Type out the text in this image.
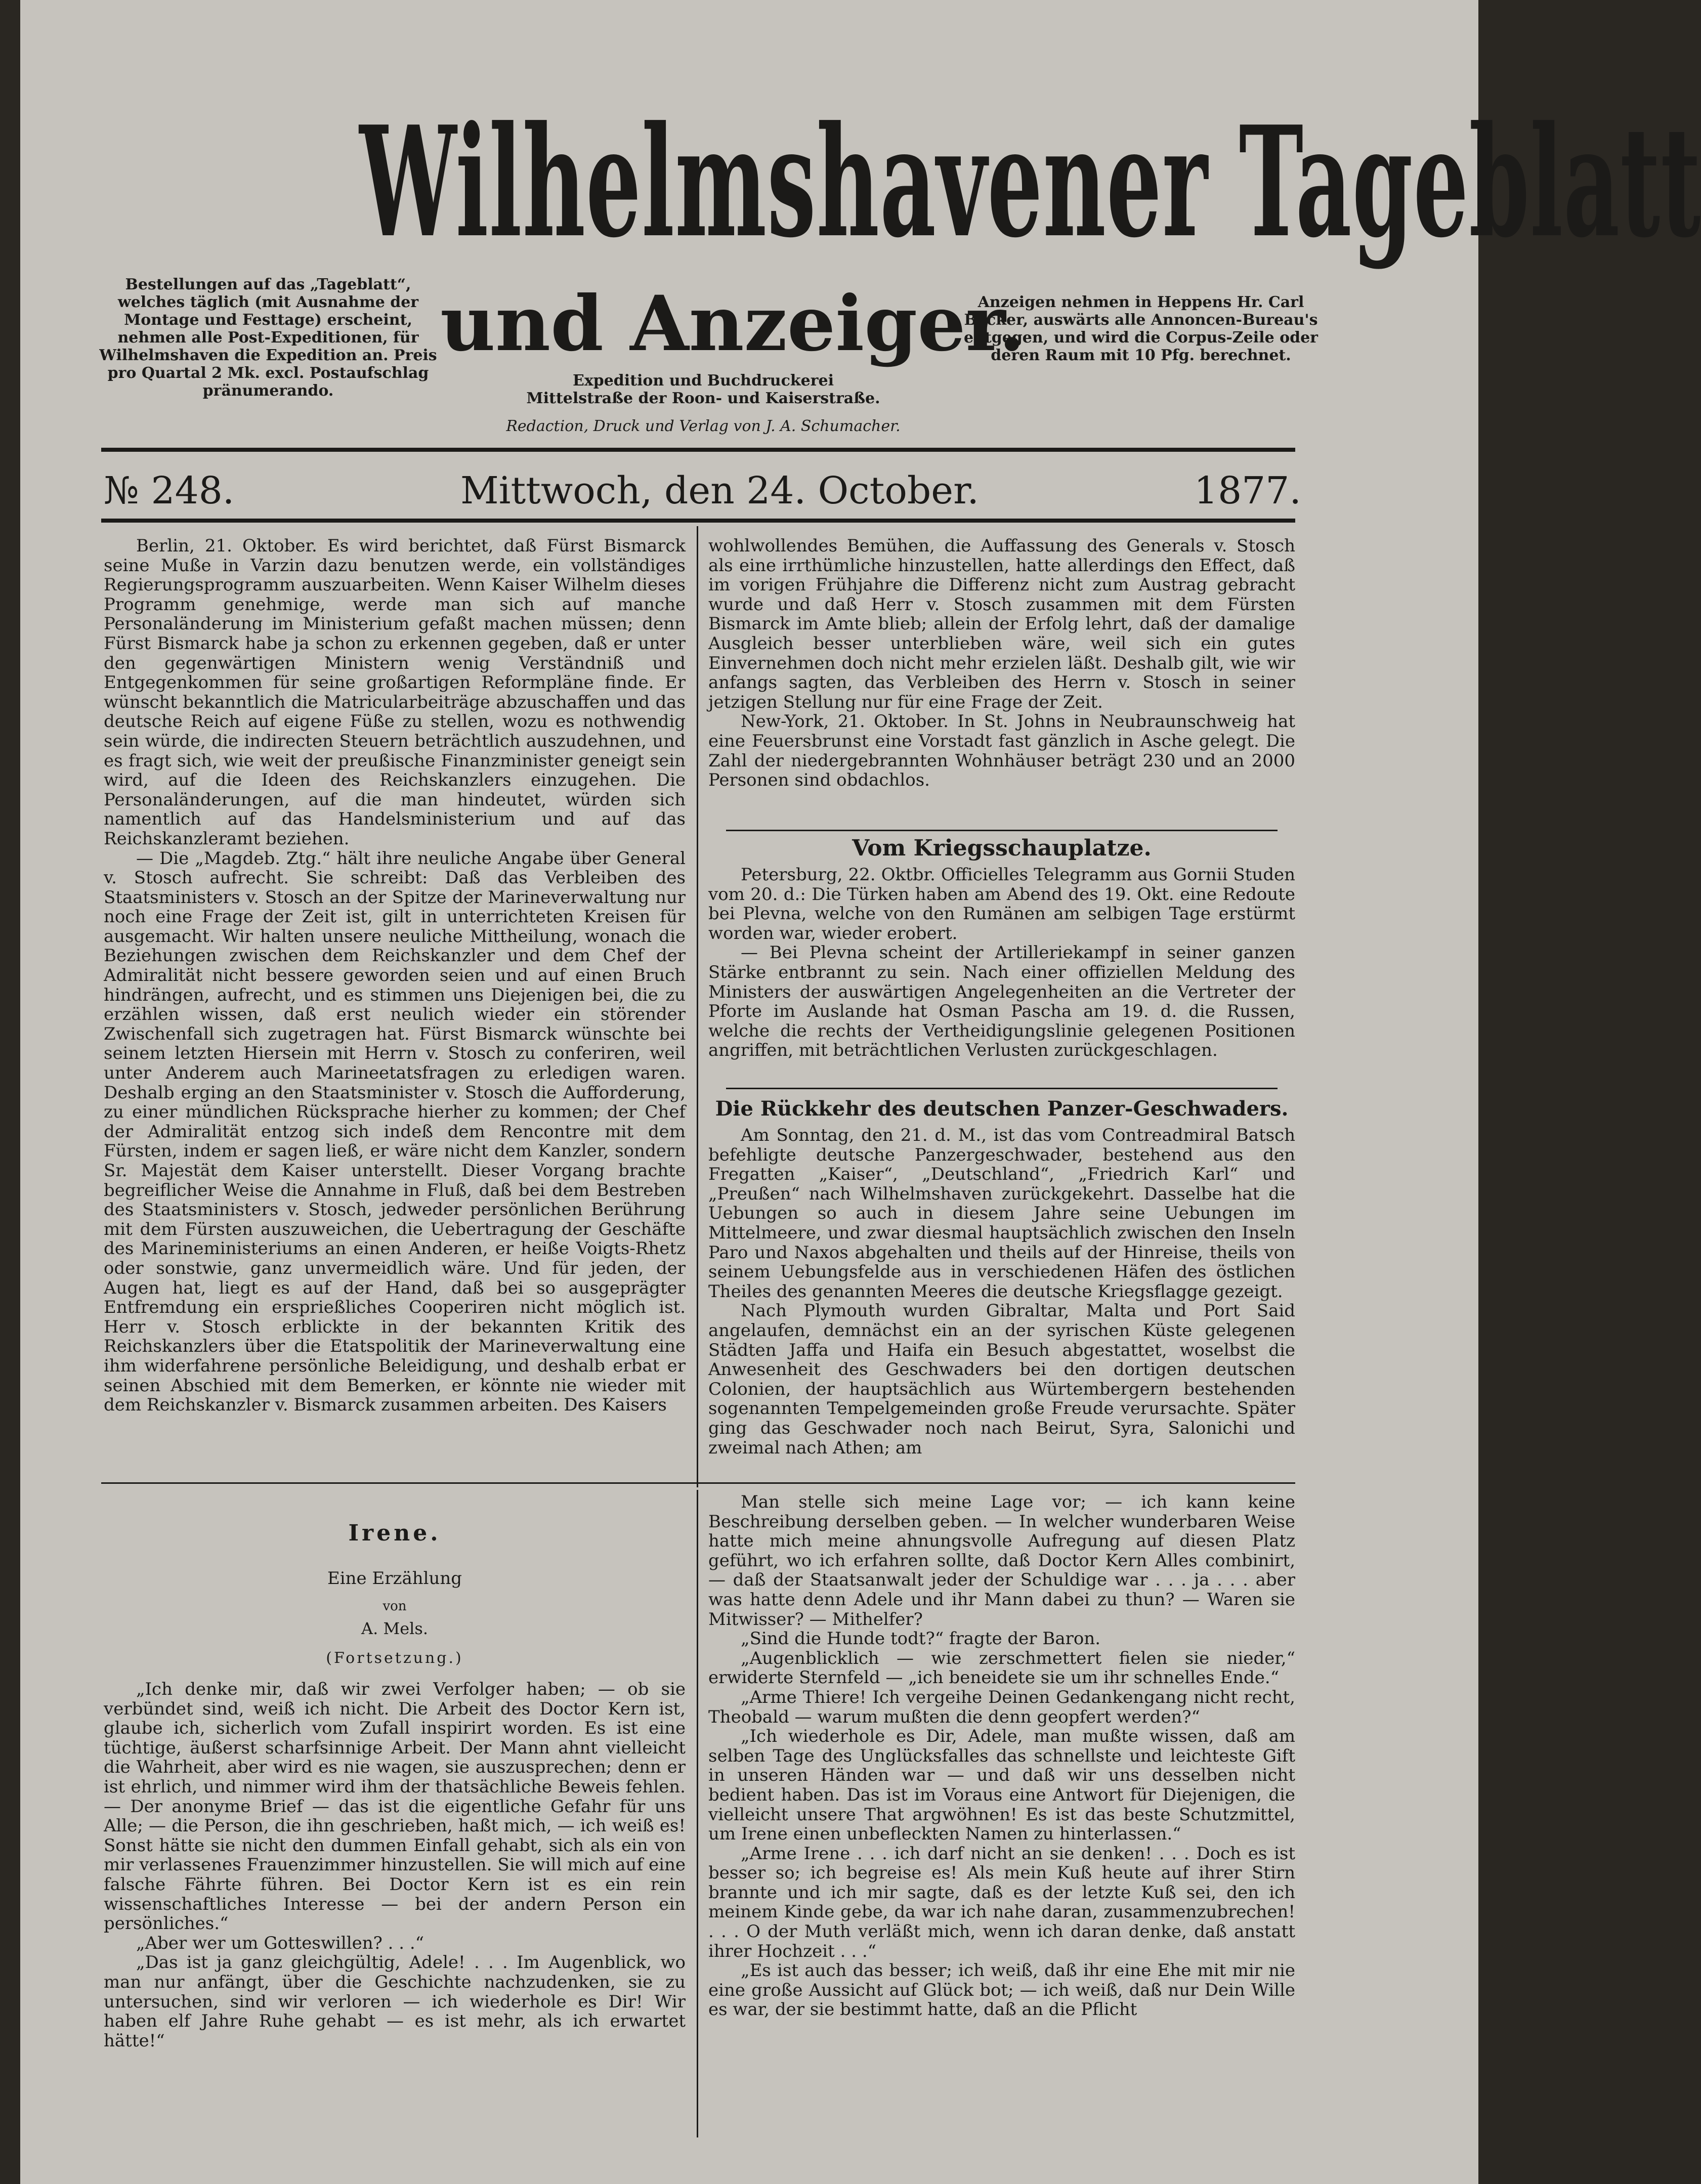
Wilhelmshavener Tageblatt
Bestellungen auf das „Tageblatt“, welches täglich (mit Ausnahme der Montage und Festtage) erscheint, nehmen alle Post-Expeditionen, für Wilhelmshaven die Expedition an. Preis pro Quartal 2 Mk. excl. Postaufschlag pränumerando.
und Anzeiger.
Expedition und Buchdruckerei Mittelstraße der Roon- und Kaiserstraße.
Redaction, Druck und Verlag von J. A. Schumacher.
Anzeigen nehmen in Heppens Hr. Carl Becker, auswärts alle Annoncen-Bureau's entgegen, und wird die Corpus-Zeile oder deren Raum mit 10 Pfg. berechnet.
№ 248.	Mittwoch, den 24. October.	1877.

Berlin, 21. Oktober. Es wird berichtet, daß Fürst Bismarck seine Muße in Varzin dazu benutzen werde, ein vollständiges Regierungsprogramm auszuarbeiten. Wenn Kaiser Wilhelm dieses Programm genehmige, werde man sich auf manche Personaländerung im Ministerium gefaßt machen müssen; denn Fürst Bismarck habe ja schon zu erkennen gegeben, daß er unter den gegenwärtigen Ministern wenig Verständniß und Entgegenkommen für seine großartigen Reformpläne finde. Er wünscht bekanntlich die Matricularbeiträge abzuschaffen und das deutsche Reich auf eigene Füße zu stellen, wozu es nothwendig sein würde, die indirecten Steuern beträchtlich auszudehnen, und es fragt sich, wie weit der preußische Finanzminister geneigt sein wird, auf die Ideen des Reichskanzlers einzugehen. Die Personaländerungen, auf die man hindeutet, würden sich namentlich auf das Handelsministerium und auf das Reichskanzleramt beziehen.

— Die „Magdeb. Ztg.“ hält ihre neuliche Angabe über General v. Stosch aufrecht. Sie schreibt: Daß das Verbleiben des Staatsministers v. Stosch an der Spitze der Marineverwaltung nur noch eine Frage der Zeit ist, gilt in unterrichteten Kreisen für ausgemacht. Wir halten unsere neuliche Mittheilung, wonach die Beziehungen zwischen dem Reichskanzler und dem Chef der Admiralität nicht bessere geworden seien und auf einen Bruch hindrängen, aufrecht, und es stimmen uns Diejenigen bei, die zu erzählen wissen, daß erst neulich wieder ein störender Zwischenfall sich zugetragen hat. Fürst Bismarck wünschte bei seinem letzten Hiersein mit Herrn v. Stosch zu conferiren, weil unter Anderem auch Marineetatsfragen zu erledigen waren. Deshalb erging an den Staatsminister v. Stosch die Aufforderung, zu einer mündlichen Rücksprache hierher zu kommen; der Chef der Admiralität entzog sich indeß dem Rencontre mit dem Fürsten, indem er sagen ließ, er wäre nicht dem Kanzler, sondern Sr. Majestät dem Kaiser unterstellt. Dieser Vorgang brachte begreiflicher Weise die Annahme in Fluß, daß bei dem Bestreben des Staatsministers v. Stosch, jedweder persönlichen Berührung mit dem Fürsten auszuweichen, die Uebertragung der Geschäfte des Marineministeriums an einen Anderen, er heiße Voigts-Rhetz oder sonstwie, ganz unvermeidlich wäre. Und für jeden, der Augen hat, liegt es auf der Hand, daß bei so ausgeprägter Entfremdung ein ersprießliches Cooperiren nicht möglich ist. Herr v. Stosch erblickte in der bekannten Kritik des Reichskanzlers über die Etatspolitik der Marineverwaltung eine ihm widerfahrene persönliche Beleidigung, und deshalb erbat er seinen Abschied mit dem Bemerken, er könnte nie wieder mit dem Reichskanzler v. Bismarck zusammen arbeiten. Des Kaisers

wohlwollendes Bemühen, die Auffassung des Generals v. Stosch als eine irrthümliche hinzustellen, hatte allerdings den Effect, daß im vorigen Frühjahre die Differenz nicht zum Austrag gebracht wurde und daß Herr v. Stosch zusammen mit dem Fürsten Bismarck im Amte blieb; allein der Erfolg lehrt, daß der damalige Ausgleich besser unterblieben wäre, weil sich ein gutes Einvernehmen doch nicht mehr erzielen läßt. Deshalb gilt, wie wir anfangs sagten, das Verbleiben des Herrn v. Stosch in seiner jetzigen Stellung nur für eine Frage der Zeit.

New-York, 21. Oktober. In St. Johns in Neubraunschweig hat eine Feuersbrunst eine Vorstadt fast gänzlich in Asche gelegt. Die Zahl der niedergebrannten Wohnhäuser beträgt 230 und an 2000 Personen sind obdachlos.

Vom Kriegsschauplatze.

Petersburg, 22. Oktbr. Officielles Telegramm aus Gornii Studen vom 20. d.: Die Türken haben am Abend des 19. Okt. eine Redoute bei Plevna, welche von den Rumänen am selbigen Tage erstürmt worden war, wieder erobert.

— Bei Plevna scheint der Artilleriekampf in seiner ganzen Stärke entbrannt zu sein. Nach einer offiziellen Meldung des Ministers der auswärtigen Angelegenheiten an die Vertreter der Pforte im Auslande hat Osman Pascha am 19. d. die Russen, welche die rechts der Vertheidigungslinie gelegenen Positionen angriffen, mit beträchtlichen Verlusten zurückgeschlagen.

Die Rückkehr des deutschen Panzer-Geschwaders.

Am Sonntag, den 21. d. M., ist das vom Contreadmiral Batsch befehligte deutsche Panzergeschwader, bestehend aus den Fregatten „Kaiser“, „Deutschland“, „Friedrich Karl“ und „Preußen“ nach Wilhelmshaven zurückgekehrt. Dasselbe hat die Uebungen so auch in diesem Jahre seine Uebungen im Mittelmeere, und zwar diesmal hauptsächlich zwischen den Inseln Paro und Naxos abgehalten und theils auf der Hinreise, theils von seinem Uebungsfelde aus in verschiedenen Häfen des östlichen Theiles des genannten Meeres die deutsche Kriegsflagge gezeigt.

Nach Plymouth wurden Gibraltar, Malta und Port Said angelaufen, demnächst ein an der syrischen Küste gelegenen Städten Jaffa und Haifa ein Besuch abgestattet, woselbst die Anwesenheit des Geschwaders bei den dortigen deutschen Colonien, der hauptsächlich aus Würtembergern bestehenden sogenannten Tempelgemeinden große Freude verursachte. Später ging das Geschwader noch nach Beirut, Syra, Salonichi und zweimal nach Athen; am

Irene.
Eine Erzählung
von
A. Mels.
(Fortsetzung.)

„Ich denke mir, daß wir zwei Verfolger haben; — ob sie verbündet sind, weiß ich nicht. Die Arbeit des Doctor Kern ist, glaube ich, sicherlich vom Zufall inspirirt worden. Es ist eine tüchtige, äußerst scharfsinnige Arbeit. Der Mann ahnt vielleicht die Wahrheit, aber wird es nie wagen, sie auszusprechen; denn er ist ehrlich, und nimmer wird ihm der thatsächliche Beweis fehlen. — Der anonyme Brief — das ist die eigentliche Gefahr für uns Alle; — die Person, die ihn geschrieben, haßt mich, — ich weiß es! Sonst hätte sie nicht den dummen Einfall gehabt, sich als ein von mir verlassenes Frauenzimmer hinzustellen. Sie will mich auf eine falsche Fährte führen. Bei Doctor Kern ist es ein rein wissenschaftliches Interesse — bei der andern Person ein persönliches.“

„Aber wer um Gotteswillen? . . .“

„Das ist ja ganz gleichgültig, Adele! . . . Im Augenblick, wo man nur anfängt, über die Geschichte nachzudenken, sie zu untersuchen, sind wir verloren — ich wiederhole es Dir! Wir haben elf Jahre Ruhe gehabt — es ist mehr, als ich erwartet hätte!“

Man stelle sich meine Lage vor; — ich kann keine Beschreibung derselben geben. — In welcher wunderbaren Weise hatte mich meine ahnungsvolle Aufregung auf diesen Platz geführt, wo ich erfahren sollte, daß Doctor Kern Alles combinirt, — daß der Staatsanwalt jeder der Schuldige war . . . ja . . . aber was hatte denn Adele und ihr Mann dabei zu thun? — Waren sie Mitwisser? — Mithelfer?

„Sind die Hunde todt?“ fragte der Baron.

„Augenblicklich — wie zerschmettert fielen sie nieder,“ erwiderte Sternfeld — „ich beneidete sie um ihr schnelles Ende.“

„Arme Thiere! Ich vergeihe Deinen Gedankengang nicht recht, Theobald — warum mußten die denn geopfert werden?“

„Ich wiederhole es Dir, Adele, man mußte wissen, daß am selben Tage des Unglücksfalles das schnellste und leichteste Gift in unseren Händen war — und daß wir uns desselben nicht bedient haben. Das ist im Voraus eine Antwort für Diejenigen, die vielleicht unsere That argwöhnen! Es ist das beste Schutzmittel, um Irene einen unbefleckten Namen zu hinterlassen.“

„Arme Irene . . . ich darf nicht an sie denken! . . . Doch es ist besser so; ich begreise es! Als mein Kuß heute auf ihrer Stirn brannte und ich mir sagte, daß es der letzte Kuß sei, den ich meinem Kinde gebe, da war ich nahe daran, zusammenzubrechen! . . . O der Muth verläßt mich, wenn ich daran denke, daß anstatt ihrer Hochzeit . . .“

„Es ist auch das besser; ich weiß, daß ihr eine Ehe mit mir nie eine große Aussicht auf Glück bot; — ich weiß, daß nur Dein Wille es war, der sie bestimmt hatte, daß an die Pflicht
